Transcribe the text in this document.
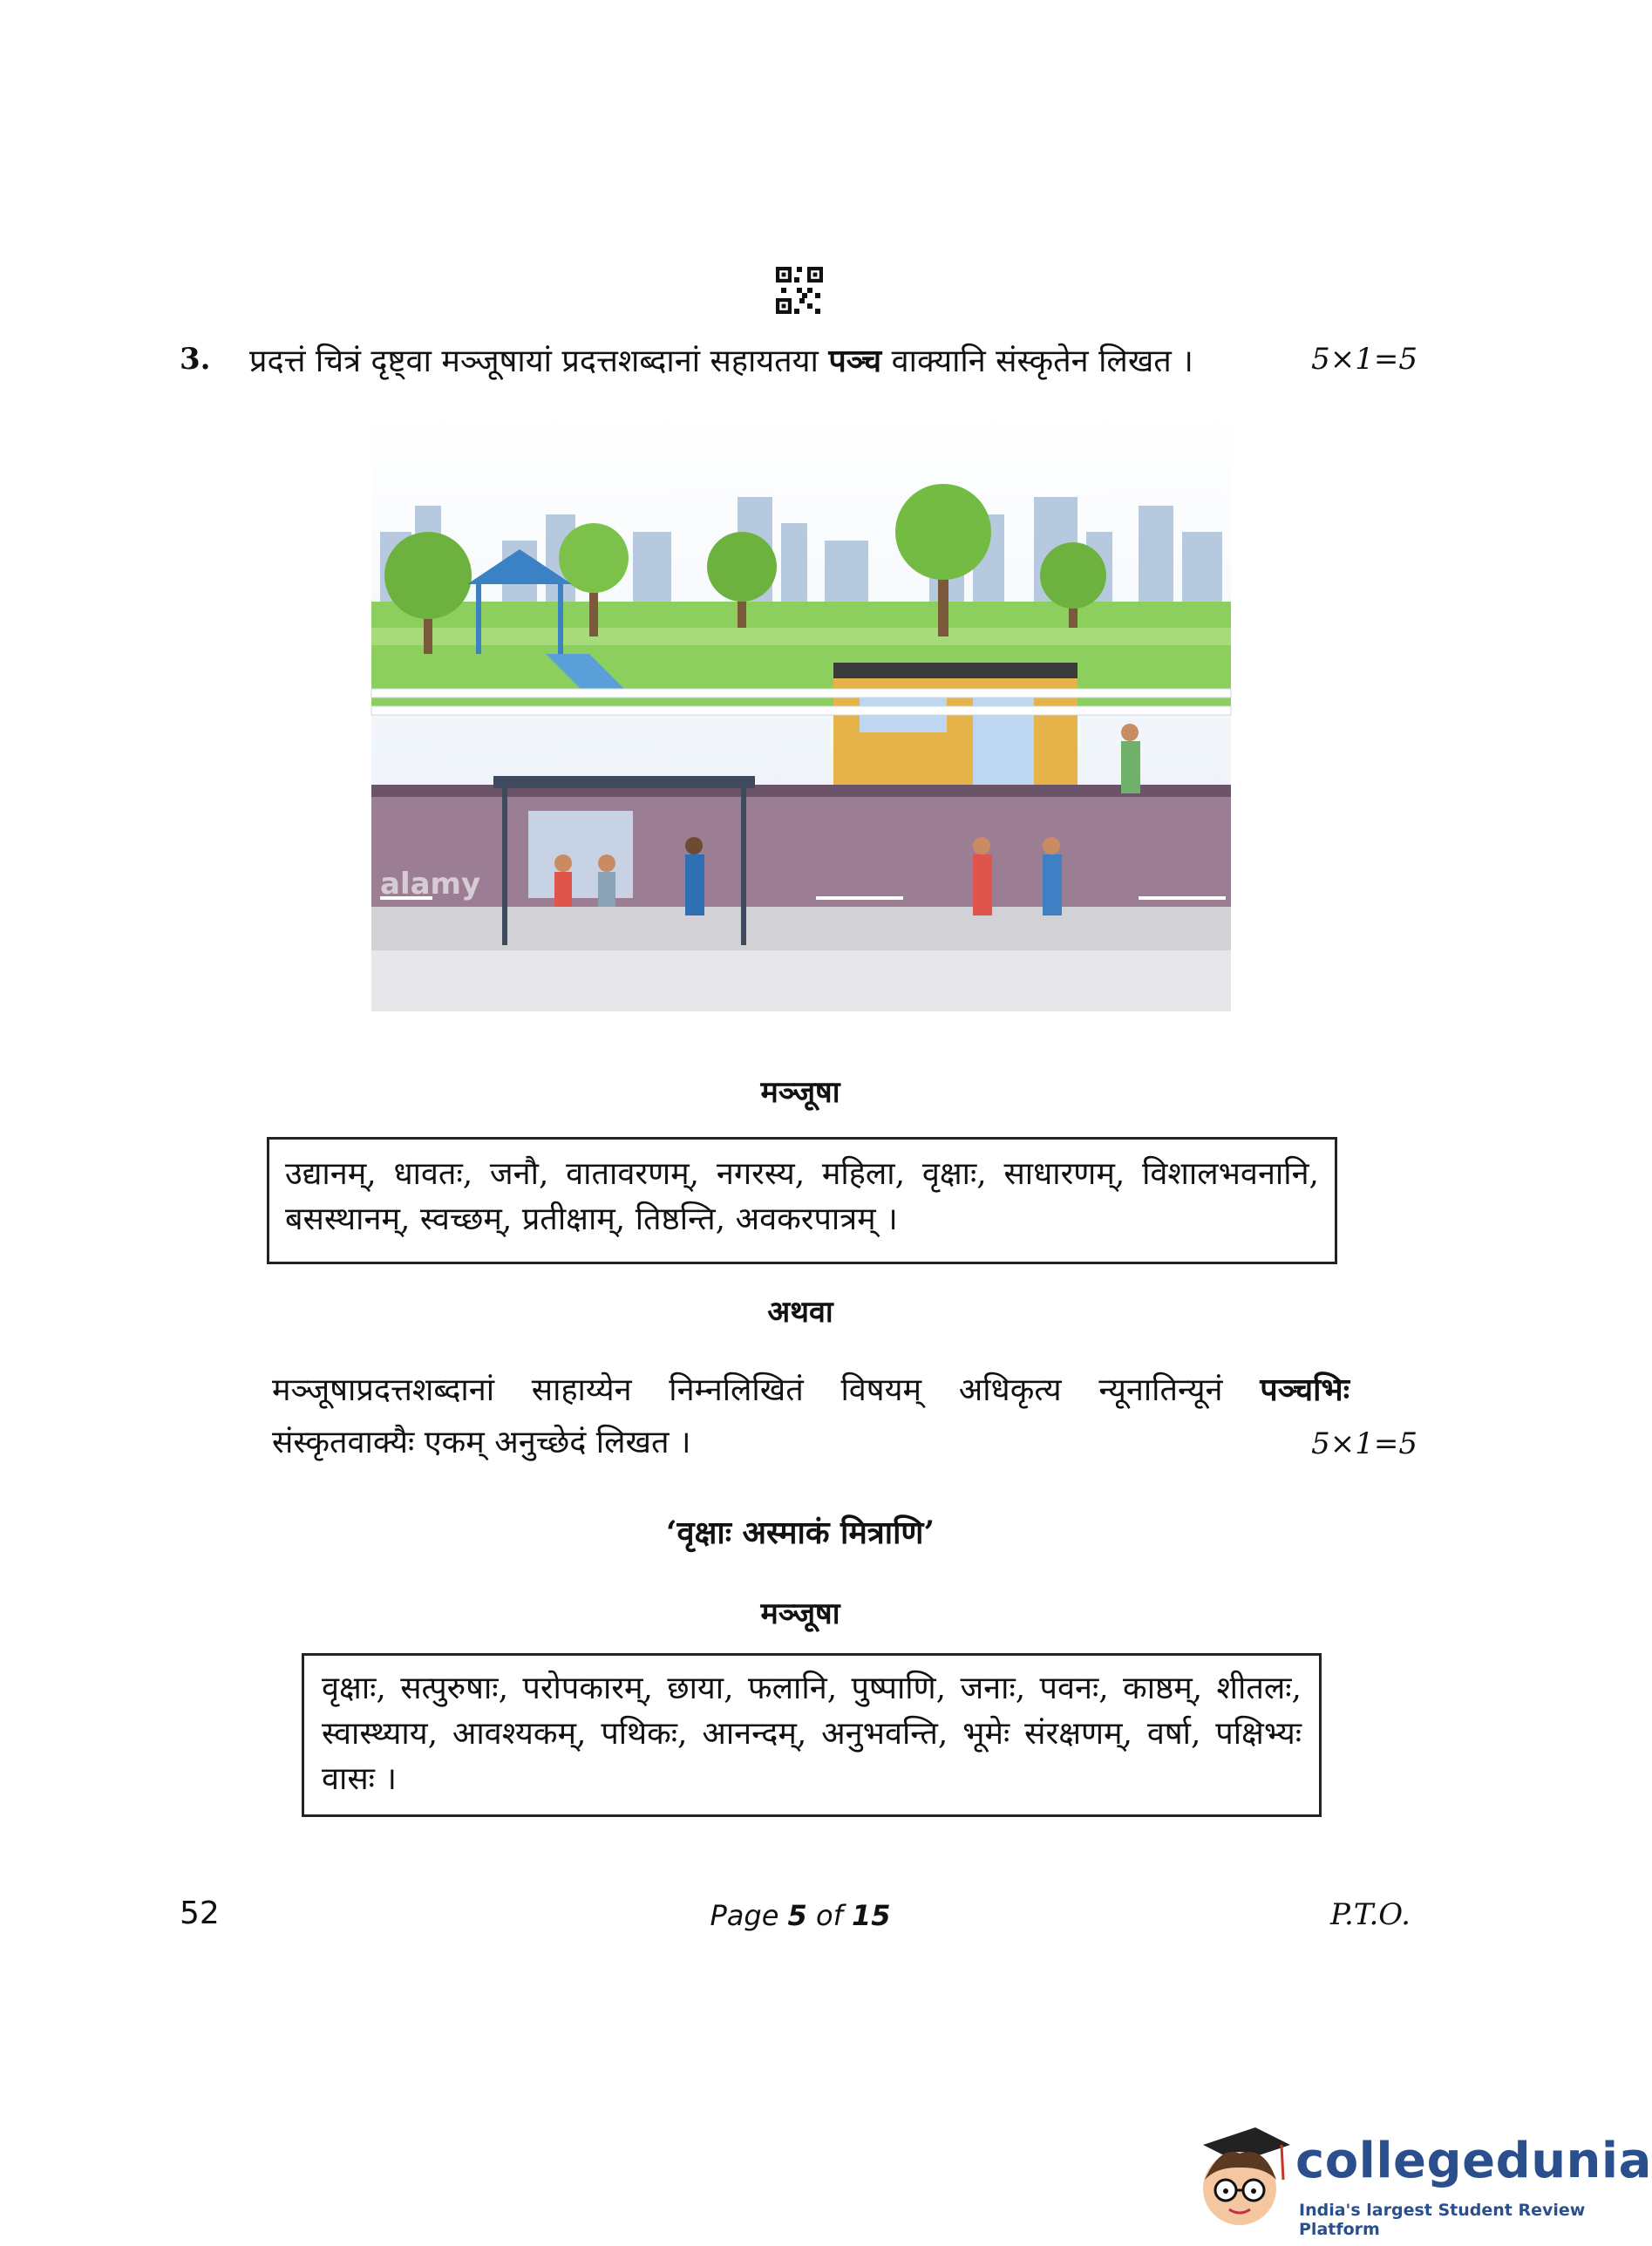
3. प्रदत्तं चित्रं दृष्ट्वा मञ्जूषायां प्रदत्तशब्दानां सहायतया पञ्च वाक्यानि संस्कृतेन लिखत ।	5×1=5
alamy
मञ्जूषा
उद्यानम्, धावतः, जनौ, वातावरणम्, नगरस्य, महिला, वृक्षाः, साधारणम्, विशालभवनानि, बसस्थानम्, स्वच्छम्, प्रतीक्षाम्, तिष्ठन्ति, अवकरपात्रम् ।
अथवा
मञ्जूषाप्रदत्तशब्दानां साहाय्येन निम्नलिखितं विषयम् अधिकृत्य न्यूनातिन्यूनं पञ्चभिः
संस्कृतवाक्यैः एकम् अनुच्छेदं लिखत ।	5×1=5
‘वृक्षाः अस्माकं मित्राणि’
मञ्जूषा
वृक्षाः, सत्पुरुषाः, परोपकारम्, छाया, फलानि, पुष्पाणि, जनाः, पवनः, काष्ठम्, शीतलः, स्वास्थ्याय, आवश्यकम्, पथिकः, आनन्दम्, अनुभवन्ति, भूमेः संरक्षणम्, वर्षा, पक्षिभ्यः वासः ।
52	Page 5 of 15	P.T.O.
collegedunia
India's largest Student Review Platform
